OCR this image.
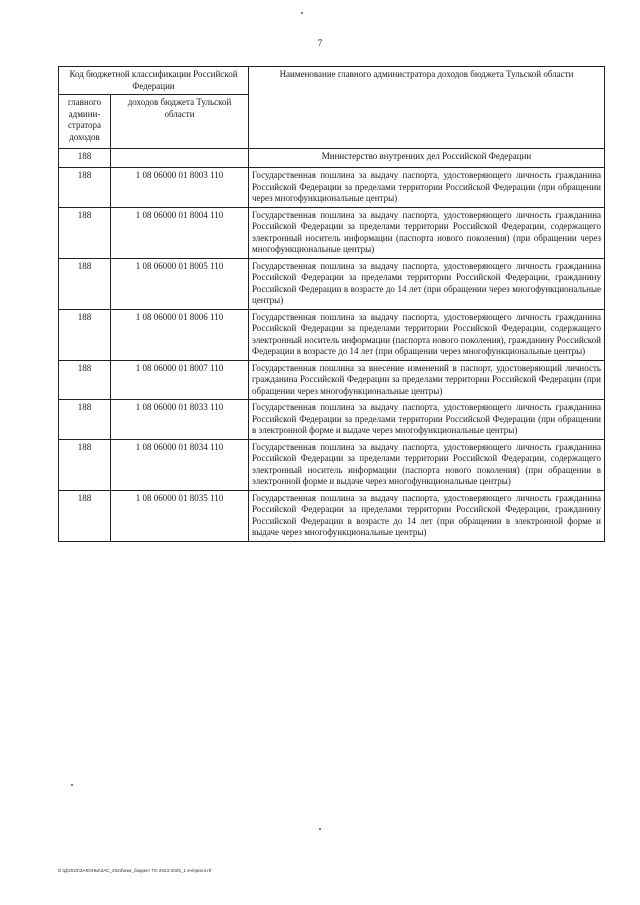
7
Код бюджетной классификации Российской Федерации		Наименование главного администратора доходов бюджета Тульской области
главного админи-стратора доходов	доходов бюджета Тульской области	
188		Министерство внутренних дел Российской Федерации
188	1 08 06000 01 8003 110	Государственная пошлина за выдачу паспорта, удостоверяющего личность гражданина Российской Федерации за пределами территории Российской Федерации (при обращении через многофункциональные центры)
188	1 08 06000 01 8004 110	Государственная пошлина за выдачу паспорта, удостоверяющего личность гражданина Российской Федерации за пределами территории Российской Федерации, содержащего электронный носитель информации (паспорта нового поколения) (при обращении через многофункциональные центры)
188	1 08 06000 01 8005 110	Государственная пошлина за выдачу паспорта, удостоверяющего личность гражданина Российской Федерации за пределами территории Российской Федерации, гражданину Российской Федерации в возрасте до 14 лет (при обращении через многофункциональные центры)
188	1 08 06000 01 8006 110	Государственная пошлина за выдачу паспорта, удостоверяющего личность гражданина Российской Федерации за пределами территории Российской Федерации, содержащего электронный носитель информации (паспорта нового поколения), гражданину Российской Федерации в возрасте до 14 лет (при обращении через многофункциональные центры)
188	1 08 06000 01 8007 110	Государственная пошлина за внесение изменений в паспорт, удостоверяющий личность гражданина Российской Федерации за пределами территории Российской Федерации (при обращении через многофункциональные центры)
188	1 08 06000 01 8033 110	Государственная пошлина за выдачу паспорта, удостоверяющего личность гражданина Российской Федерации за пределами территории Российской Федерации (при обращении в электронной форме и выдаче через многофункциональные центры)
188	1 08 06000 01 8034 110	Государственная пошлина за выдачу паспорта, удостоверяющего личность гражданина Российской Федерации за пределами территории Российской Федерации, содержащего электронный носитель информации (паспорта нового поколения) (при обращении в электронной форме и выдаче через многофункциональные центры)
188	1 08 06000 01 8035 110	Государственная пошлина за выдачу паспорта, удостоверяющего личность гражданина Российской Федерации за пределами территории Российской Федерации, гражданину Российской Федерации в возрасте до 14 лет (при обращении в электронной форме и выдаче через многофункциональные центры)
D:\Д\2023\ЗАКОНЫ\ЗАС_2023\изм_бюджет ТО 2023-2025_1 вч\прил4.rtf
